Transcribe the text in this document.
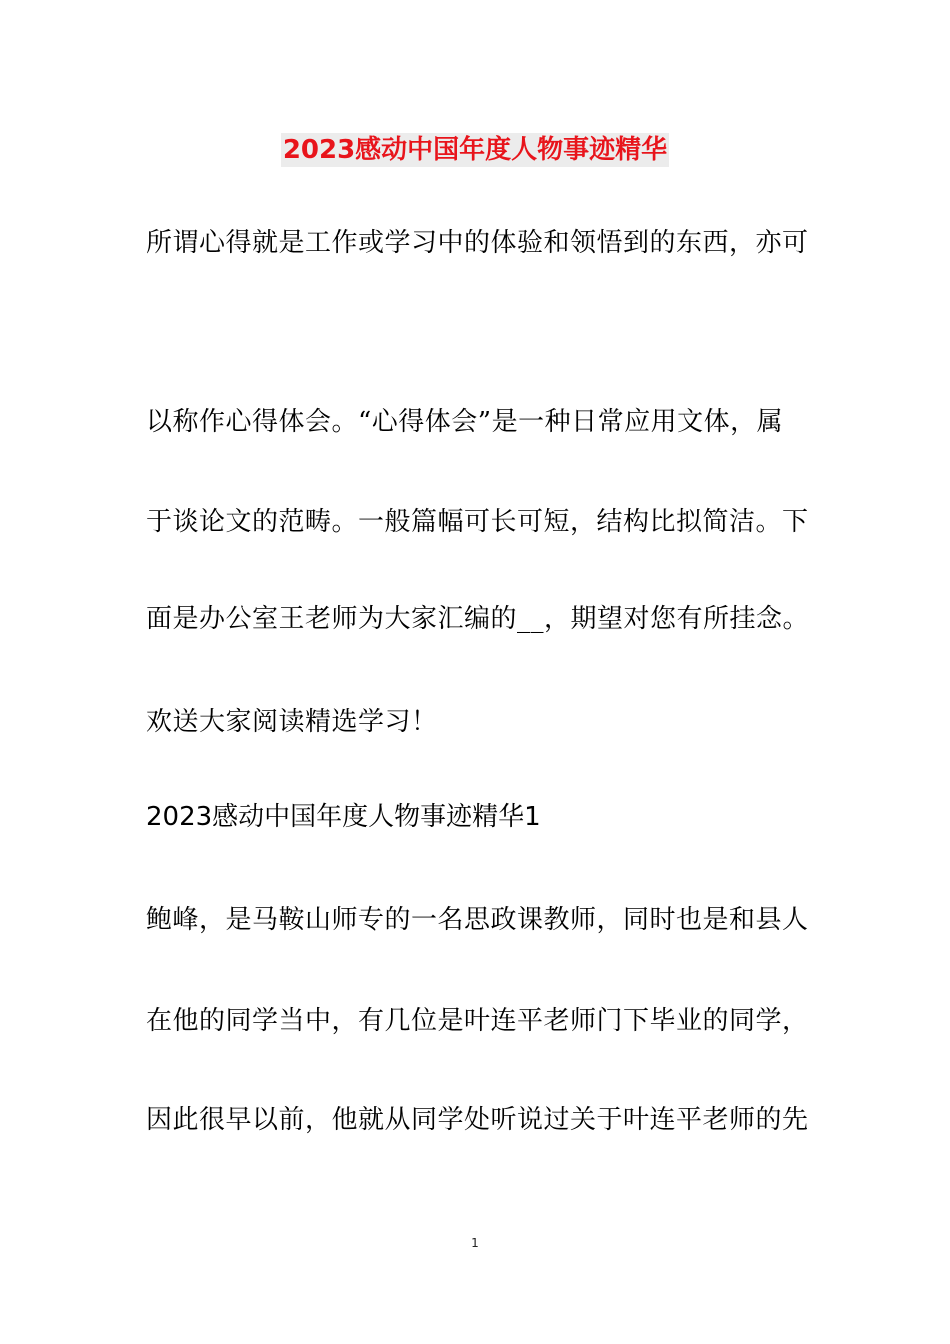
2023感动中国年度人物事迹精华
所谓心得就是工作或学习中的体验和领悟到的东西，亦可
以称作心得体会。“心得体会”是一种日常应用文体，属
于谈论文的范畴。一般篇幅可长可短，结构比拟简洁。下
面是办公室王老师为大家汇编的__，期望对您有所挂念。
欢送大家阅读精选学习！
2023感动中国年度人物事迹精华1
鲍峰，是马鞍山师专的一名思政课教师，同时也是和县人
在他的同学当中，有几位是叶连平老师门下毕业的同学，
因此很早以前，他就从同学处听说过关于叶连平老师的先
1
